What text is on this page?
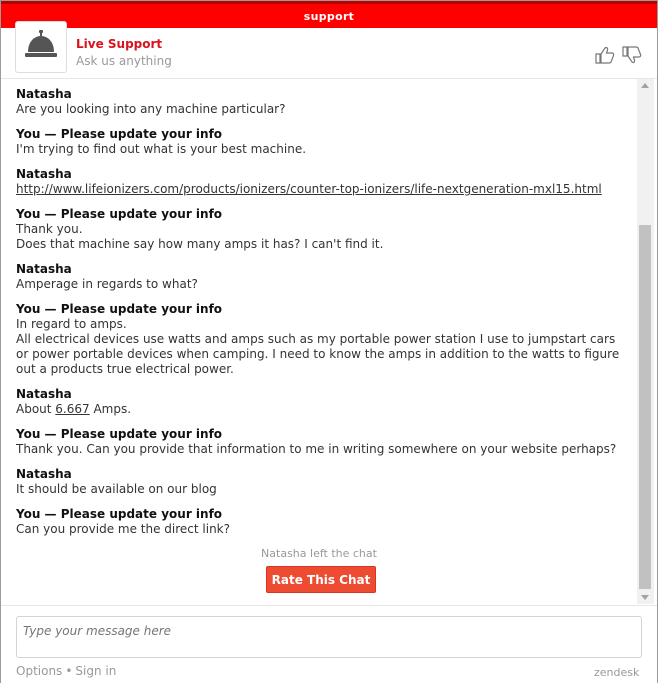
support
Live Support
Ask us anything
Natasha
Are you looking into any machine particular?
You — Please update your info
I'm trying to find out what is your best machine.
Natasha
http://www.lifeionizers.com/products/ionizers/counter-top-ionizers/life-nextgeneration-mxl15.html
You — Please update your info
Thank you.
Does that machine say how many amps it has? I can't find it.
Natasha
Amperage in regards to what?
You — Please update your info
In regard to amps.
All electrical devices use watts and amps such as my portable power station I use to jumpstart cars
or power portable devices when camping. I need to know the amps in addition to the watts to figure
out a products true electrical power.
Natasha
About 6.667 Amps.
You — Please update your info
Thank you. Can you provide that information to me in writing somewhere on your website perhaps?
Natasha
It should be available on our blog
You — Please update your info
Can you provide me the direct link?
Natasha left the chat
Rate This Chat
Type your message here
Options • Sign in	zendesk
